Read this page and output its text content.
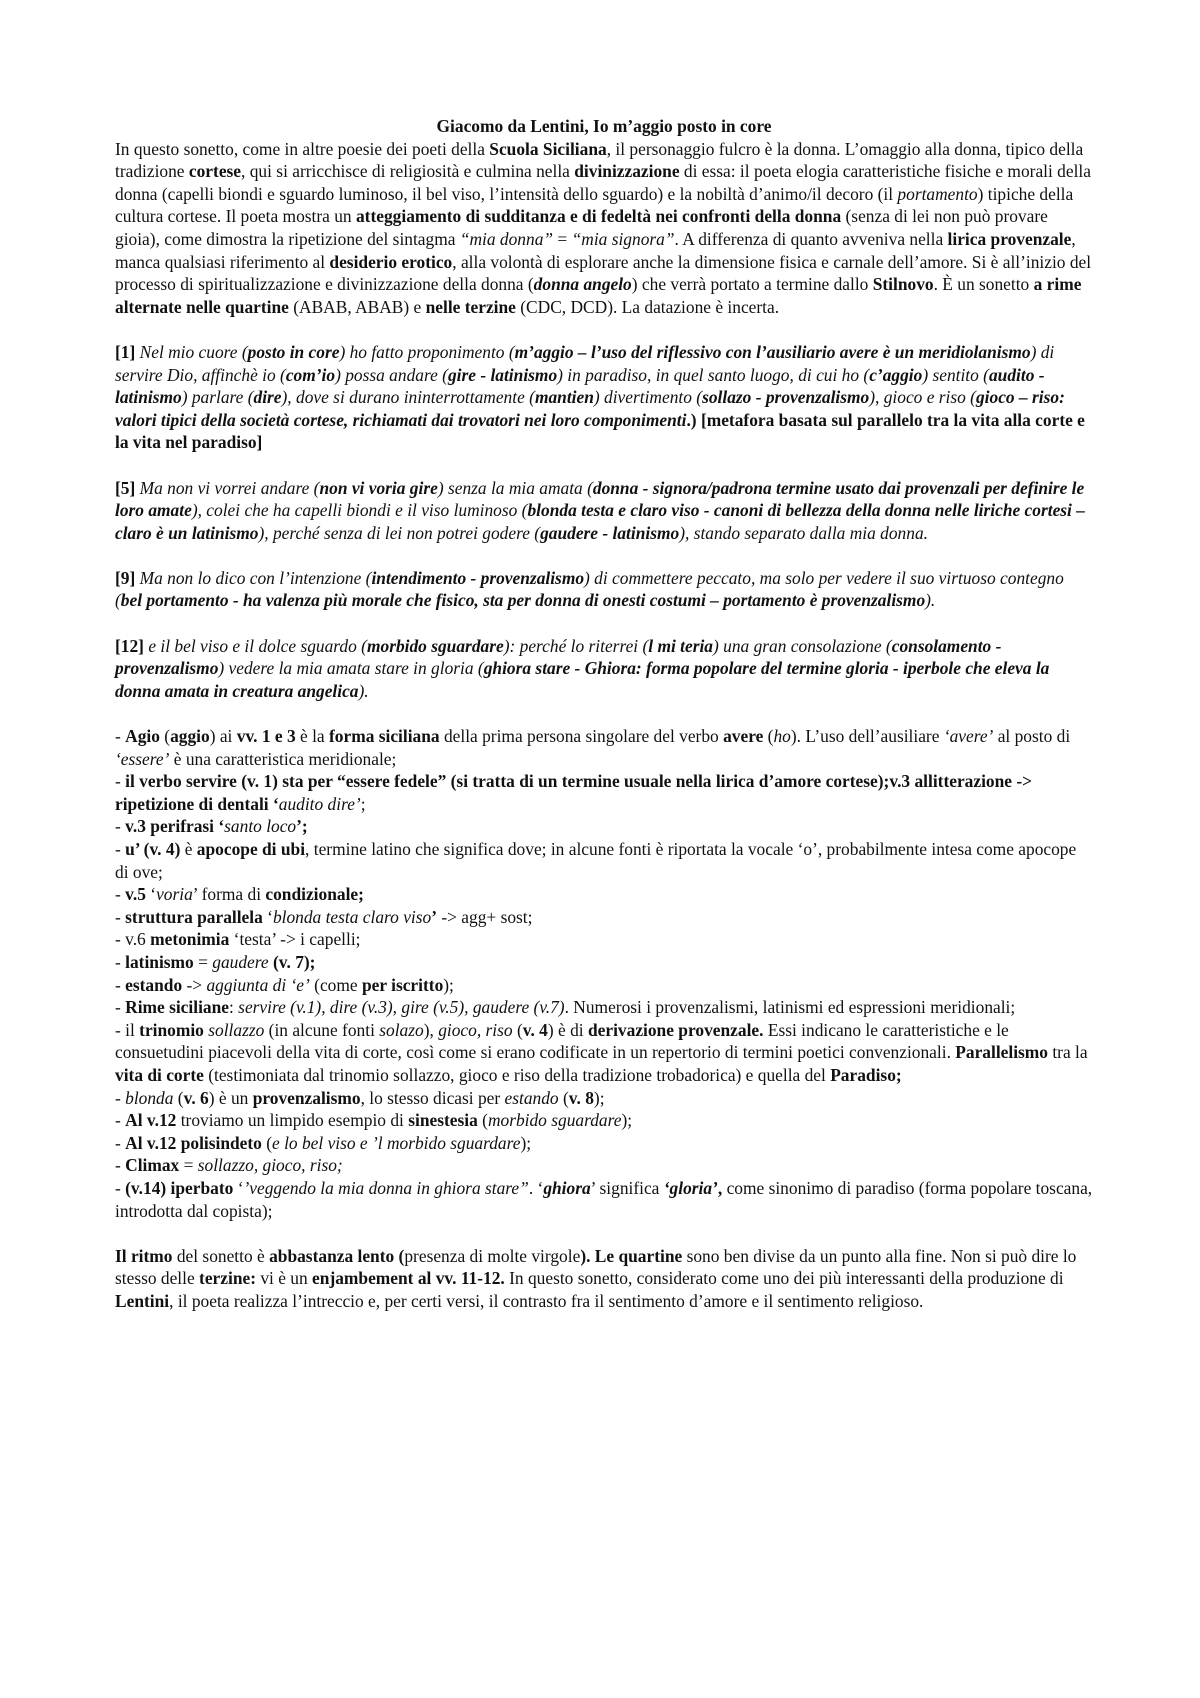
Giacomo da Lentini, Io m’aggio posto in core

In questo sonetto, come in altre poesie dei poeti della Scuola Siciliana, il personaggio fulcro è la donna. L’omaggio alla donna, tipico della tradizione cortese, qui si arricchisce di religiosità e culmina nella divinizzazione di essa: il poeta elogia caratteristiche fisiche e morali della donna (capelli biondi e sguardo luminoso, il bel viso, l’intensità dello sguardo) e la nobiltà d’animo/il decoro (il portamento) tipiche della cultura cortese. Il poeta mostra un atteggiamento di sudditanza e di fedeltà nei confronti della donna (senza di lei non può provare gioia), come dimostra la ripetizione del sintagma “mia donna” = “mia signora”. A differenza di quanto avveniva nella lirica provenzale, manca qualsiasi riferimento al desiderio erotico, alla volontà di esplorare anche la dimensione fisica e carnale dell’amore. Si è all’inizio del processo di spiritualizzazione e divinizzazione della donna (donna angelo) che verrà portato a termine dallo Stilnovo. È un sonetto a rime alternate nelle quartine (ABAB, ABAB) e nelle terzine (CDC, DCD). La datazione è incerta.

[1] Nel mio cuore (posto in core) ho fatto proponimento (m’aggio – l’uso del riflessivo con l’ausiliario avere è un meridiolanismo) di servire Dio, affinchè io (com’io) possa andare (gire - latinismo) in paradiso, in quel santo luogo, di cui ho (c’aggio) sentito (audito - latinismo) parlare (dire), dove si durano ininterrottamente (mantien) divertimento (sollazo - provenzalismo), gioco e riso (gioco – riso: valori tipici della società cortese, richiamati dai trovatori nei loro componimenti.) [metafora basata sul parallelo tra la vita alla corte e la vita nel paradiso]

[5] Ma non vi vorrei andare (non vi voria gire) senza la mia amata (donna - signora/padrona termine usato dai provenzali per definire le loro amate), colei che ha capelli biondi e il viso luminoso (blonda testa e claro viso - canoni di bellezza della donna nelle liriche cortesi – claro è un latinismo), perché senza di lei non potrei godere (gaudere - latinismo), stando separato dalla mia donna.

[9] Ma non lo dico con l’intenzione (intendimento - provenzalismo) di commettere peccato, ma solo per vedere il suo virtuoso contegno (bel portamento - ha valenza più morale che fisico, sta per donna di onesti costumi – portamento è provenzalismo).

[12] e il bel viso e il dolce sguardo (morbido sguardare): perché lo riterrei (l mi teria) una gran consolazione (consolamento - provenzalismo) vedere la mia amata stare in gloria (ghiora stare - Ghiora: forma popolare del termine gloria - iperbole che eleva la donna amata in creatura angelica).

- Agio (aggio) ai vv. 1 e 3 è la forma siciliana della prima persona singolare del verbo avere (ho). L’uso dell’ausiliare ‘avere’ al posto di ‘essere’ è una caratteristica meridionale;

- il verbo servire (v. 1) sta per “essere fedele” (si tratta di un termine usuale nella lirica d’amore cortese);v.3 allitterazione -> ripetizione di dentali ‘audito dire’;

- v.3 perifrasi ‘santo loco’;

- u’ (v. 4) è apocope di ubi, termine latino che significa dove; in alcune fonti è riportata la vocale ‘o’, probabilmente intesa come apocope di ove;

- v.5 ‘voria’ forma di condizionale;

- struttura parallela ‘blonda testa claro viso’ -> agg+ sost;

- v.6 metonimia ‘testa’ -> i capelli;

- latinismo = gaudere (v. 7);

- estando -> aggiunta di ‘e’ (come per iscritto);

- Rime siciliane: servire (v.1), dire (v.3), gire (v.5), gaudere (v.7). Numerosi i provenzalismi, latinismi ed espressioni meridionali;

- il trinomio sollazzo (in alcune fonti solazo), gioco, riso (v. 4) è di derivazione provenzale. Essi indicano le caratteristiche e le consuetudini piacevoli della vita di corte, così come si erano codificate in un repertorio di termini poetici convenzionali. Parallelismo tra la vita di corte (testimoniata dal trinomio sollazzo, gioco e riso della tradizione trobadorica) e quella del Paradiso;

- blonda (v. 6) è un provenzalismo, lo stesso dicasi per estando (v. 8);

- Al v.12 troviamo un limpido esempio di sinestesia (morbido sguardare);

- Al v.12 polisindeto (e lo bel viso e ’l morbido sguardare);

- Climax = sollazzo, gioco, riso;

- (v.14) iperbato ‘’veggendo la mia donna in ghiora stare”. ‘ghiora’ significa ‘gloria’, come sinonimo di paradiso (forma popolare toscana, introdotta dal copista);

Il ritmo del sonetto è abbastanza lento (presenza di molte virgole). Le quartine sono ben divise da un punto alla fine. Non si può dire lo stesso delle terzine: vi è un enjambement al vv. 11-12. In questo sonetto, considerato come uno dei più interessanti della produzione di Lentini, il poeta realizza l’intreccio e, per certi versi, il contrasto fra il sentimento d’amore e il sentimento religioso.
